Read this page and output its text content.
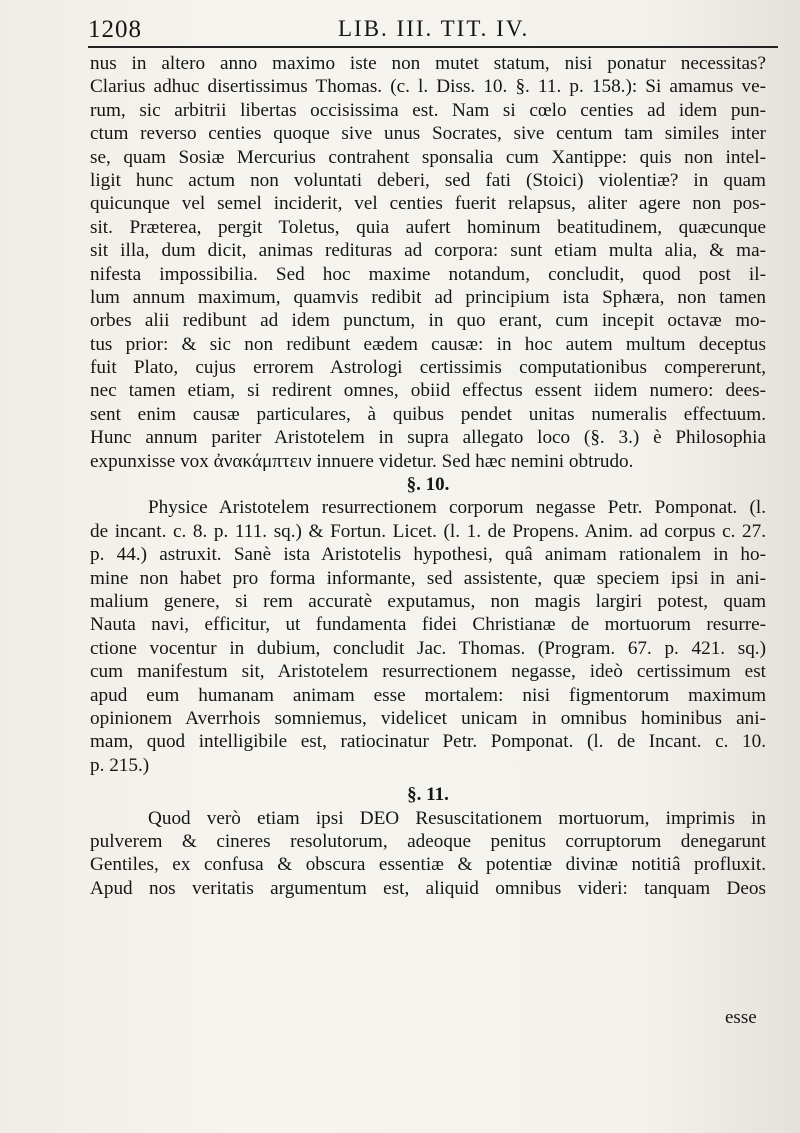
1208	LIB. III. TIT. IV.
nus in altero anno maximo iste non mutet statum, nisi ponatur necessitas?
Clarius adhuc disertissimus Thomas. (c. l. Diss. 10. §. 11. p. 158.): Si amamus ve-
rum, sic arbitrii libertas occisissima est. Nam si cœlo centies ad idem pun-
ctum reverso centies quoque sive unus Socrates, sive centum tam similes inter
se, quam Sosiæ Mercurius contrahent sponsalia cum Xantippe: quis non intel-
ligit hunc actum non voluntati deberi, sed fati (Stoici) violentiæ? in quam
quicunque vel semel inciderit, vel centies fuerit relapsus, aliter agere non pos-
sit. Præterea, pergit Toletus, quia aufert hominum beatitudinem, quæcunque
sit illa, dum dicit, animas redituras ad corpora: sunt etiam multa alia, & ma-
nifesta impossibilia. Sed hoc maxime notandum, concludit, quod post il-
lum annum maximum, quamvis redibit ad principium ista Sphæra, non tamen
orbes alii redibunt ad idem punctum, in quo erant, cum incepit octavæ mo-
tus prior: & sic non redibunt eædem causæ: in hoc autem multum deceptus
fuit Plato, cujus errorem Astrologi certissimis computationibus compererunt,
nec tamen etiam, si redirent omnes, obiid effectus essent iidem numero: dees-
sent enim causæ particulares, à quibus pendet unitas numeralis effectuum.
Hunc annum pariter Aristotelem in supra allegato loco (§. 3.) è Philosophia
expunxisse vox ἀνακάμπτειν innuere videtur. Sed hæc nemini obtrudo.
§. 10.
Physice Aristotelem resurrectionem corporum negasse Petr. Pomponat. (l.
de incant. c. 8. p. 111. sq.) & Fortun. Licet. (l. 1. de Propens. Anim. ad corpus c. 27.
p. 44.) astruxit. Sanè ista Aristotelis hypothesi, quâ animam rationalem in ho-
mine non habet pro forma informante, sed assistente, quæ speciem ipsi in ani-
malium genere, si rem accuratè exputamus, non magis largiri potest, quam
Nauta navi, efficitur, ut fundamenta fidei Christianæ de mortuorum resurre-
ctione vocentur in dubium, concludit Jac. Thomas. (Program. 67. p. 421. sq.)
cum manifestum sit, Aristotelem resurrectionem negasse, ideò certissimum est
apud eum humanam animam esse mortalem: nisi figmentorum maximum
opinionem Averrhois somniemus, videlicet unicam in omnibus hominibus ani-
mam, quod intelligibile est, ratiocinatur Petr. Pomponat. (l. de Incant. c. 10.
p. 215.)
§. 11.
Quod verò etiam ipsi DEO Resuscitationem mortuorum, imprimis in
pulverem & cineres resolutorum, adeoque penitus corruptorum denegarunt
Gentiles, ex confusa & obscura essentiæ & potentiæ divinæ notitiâ profluxit.
Apud nos veritatis argumentum est, aliquid omnibus videri: tanquam Deos
esse
